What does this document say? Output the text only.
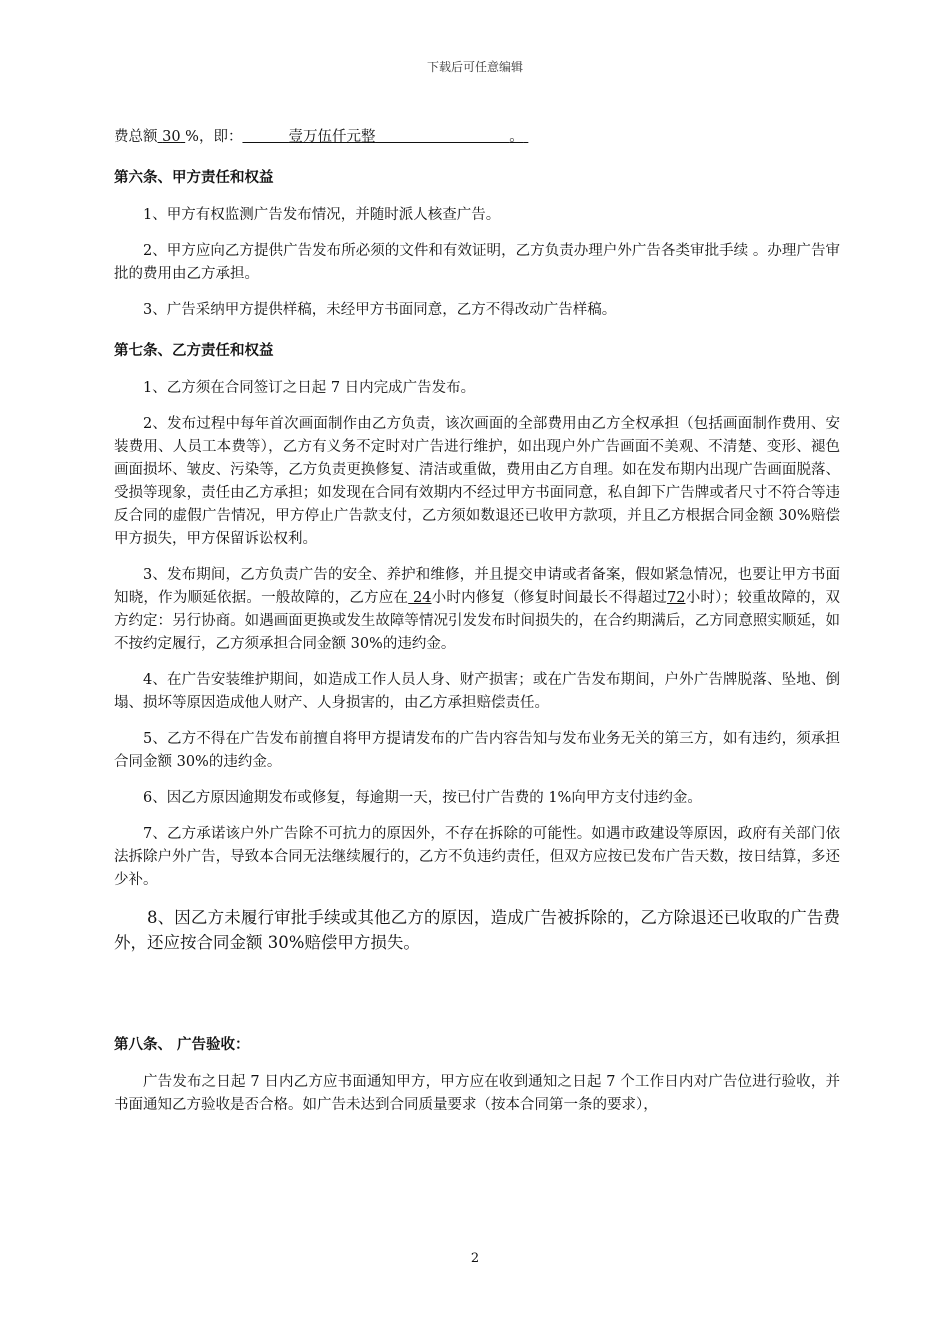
下载后可任意编辑

费总额 30 %，即：	壹万伍仟元整	。

第六条、甲方责任和权益

1、甲方有权监测广告发布情况，并随时派人核查广告。

2、甲方应向乙方提供广告发布所必须的文件和有效证明，乙方负责办理户外广告各类审批手续 。办理广告审批的费用由乙方承担。

3、广告采纳甲方提供样稿，未经甲方书面同意，乙方不得改动广告样稿。

第七条、乙方责任和权益

1、乙方须在合同签订之日起 7 日内完成广告发布。

2、发布过程中每年首次画面制作由乙方负责，该次画面的全部费用由乙方全权承担（包括画面制作费用、安装费用、人员工本费等），乙方有义务不定时对广告进行维护，如出现户外广告画面不美观、不清楚、变形、褪色画面损坏、皱皮、污染等，乙方负责更换修复、清洁或重做，费用由乙方自理。如在发布期内出现广告画面脱落、受损等现象，责任由乙方承担；如发现在合同有效期内不经过甲方书面同意，私自卸下广告牌或者尺寸不符合等违反合同的虚假广告情况，甲方停止广告款支付，乙方须如数退还已收甲方款项，并且乙方根据合同金额 30%赔偿甲方损失，甲方保留诉讼权利。

3、发布期间，乙方负责广告的安全、养护和维修，并且提交申请或者备案，假如紧急情况，也要让甲方书面知晓，作为顺延依据。一般故障的，乙方应在 24小时内修复（修复时间最长不得超过72小时）；较重故障的，双方约定：另行协商。如遇画面更换或发生故障等情况引发发布时间损失的，在合约期满后，乙方同意照实顺延，如不按约定履行，乙方须承担合同金额 30%的违约金。

4、在广告安装维护期间，如造成工作人员人身、财产损害；或在广告发布期间，户外广告牌脱落、坠地、倒塌、损坏等原因造成他人财产、人身损害的，由乙方承担赔偿责任。

5、乙方不得在广告发布前擅自将甲方提请发布的广告内容告知与发布业务无关的第三方，如有违约，须承担合同金额 30%的违约金。

6、因乙方原因逾期发布或修复，每逾期一天，按已付广告费的 1%向甲方支付违约金。

7、乙方承诺该户外广告除不可抗力的原因外，不存在拆除的可能性。如遇市政建设等原因，政府有关部门依法拆除户外广告，导致本合同无法继续履行的，乙方不负违约责任，但双方应按已发布广告天数，按日结算，多还少补。

8、因乙方未履行审批手续或其他乙方的原因，造成广告被拆除的，乙方除退还已收取的广告费外，还应按合同金额 30%赔偿甲方损失。

第八条、 广告验收：

广告发布之日起 7 日内乙方应书面通知甲方，甲方应在收到通知之日起 7 个工作日内对广告位进行验收，并书面通知乙方验收是否合格。如广告未达到合同质量要求（按本合同第一条的要求），

2
